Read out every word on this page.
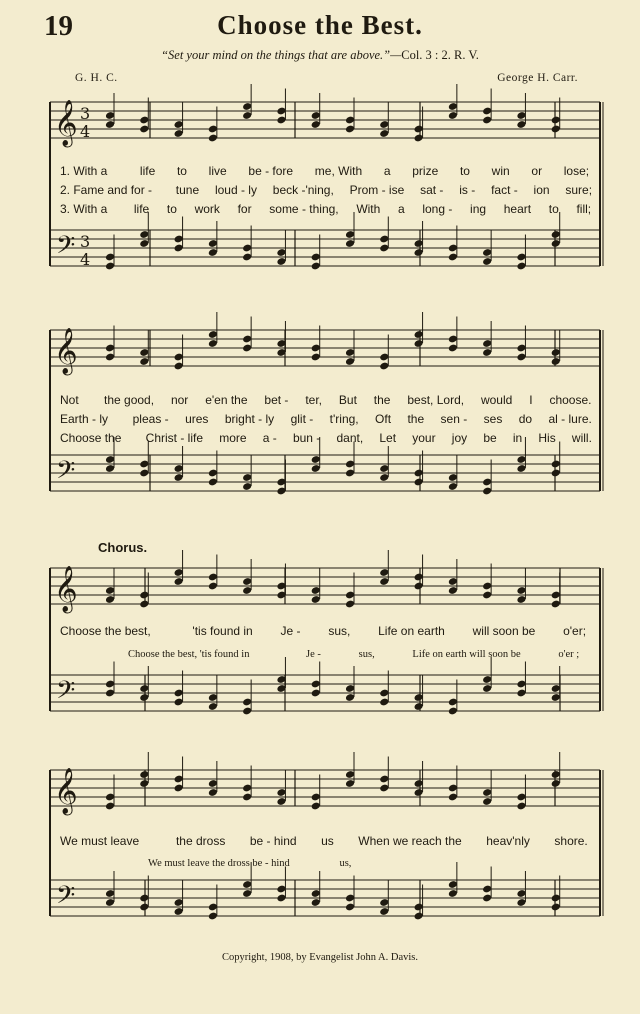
19	Choose the Best.
“Set your mind on the things that are above.”—Col. 3 : 2. R. V.
G. H. C.	George H. Carr.
1. With a	life	to	live	be - fore	me, With	a	prize	to	win	or	lose;
2. Fame and for -	tune	loud - ly	beck -'ning,	Prom - ise	sat -	is -	fact -	ion	sure;
3. With a	life	to	work	for	some - thing,	With	a	long -	ing	heart	to	fill;
Not	the good,	nor	e'en the	bet -	ter,	But	the	best, Lord,	would	I	choose.
Earth - ly	pleas -	ures	bright - ly	glit -	t'ring,	Oft	the	sen -	ses	do	al - lure.
Choose the	Christ - life	more	a -	bun -	dant,	Let	your	joy	be	in	His	will.
Chorus.
Choose the best,	'tis found in	Je -	sus,	Life on earth	will soon be	o'er;
Choose the best, 'tis found in	Je -	sus,	Life on earth will soon be	o'er ;
We must leave	the dross	be - hind	us	When we reach the	heav'nly	shore.
We must leave the dross be - hind	us,
Copyright, 1908, by Evangelist John A. Davis.
𝄞
𝄢
𝄞
𝄢
𝄞
𝄢
𝄞
𝄢
3
4
3
4
